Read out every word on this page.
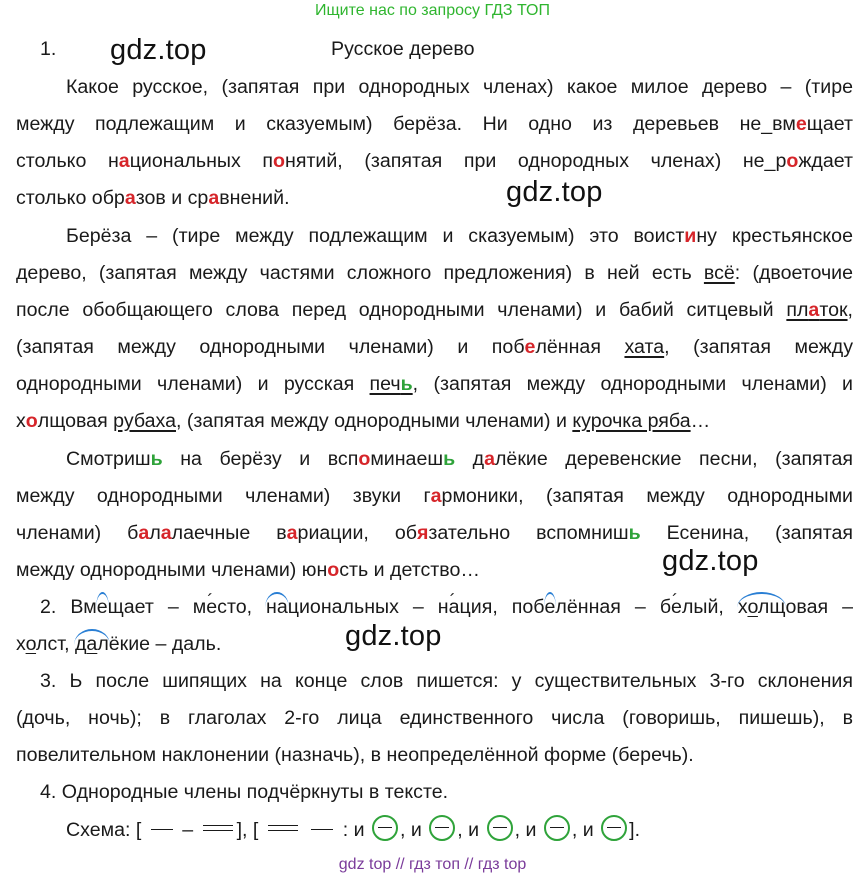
Ищите нас по запросу ГДЗ ТОП
gdz.top
gdz.top
gdz.top
gdz.top
1.	Русское дерево
Какое русское, (запятая при однородных членах) какое милое дерево – (тире
между подлежащим и сказуемым) берёза. Ни одно из деревьев не_вмещает
столько национальных понятий, (запятая при однородных членах) не_рождает
столько образов и сравнений.
Берёза – (тире между подлежащим и сказуемым) это воистину крестьянское
дерево, (запятая между частями сложного предложения) в ней есть всё: (двоеточие
после обобщающего слова перед однородными членами) и бабий ситцевый платок,
(запятая между однородными членами) и побелённая хата, (запятая между
однородными членами) и русская печь, (запятая между однородными членами) и
холщовая рубаха, (запятая между однородными членами) и курочка ряба…
Смотришь на берёзу и вспоминаешь далёкие деревенские песни, (запятая
между однородными членами) звуки гармоники, (запятая между однородными
членами) балалаечные вариации, обязательно вспомнишь Есенина, (запятая
между однородными членами) юность и детство…
2. Вмещает – ме ´сто, национальных – на ´ция, побелённая – бе ´лый, холщовая –
холст, далёкие – даль.
3. Ь после шипящих на конце слов пишется: у существительных 3-го склонения
(дочь, ночь); в глаголах 2-го лица единственного числа (говоришь, пишешь), в
повелительном наклонении (назначь), в неопределённой форме (беречь).
4. Однородные члены подчёркнуты в тексте.
Схема: [  – ], [	: и ○ , и ○ , и ○ , и ○ , и ○ ].
gdz top // гдз топ // гдз top
